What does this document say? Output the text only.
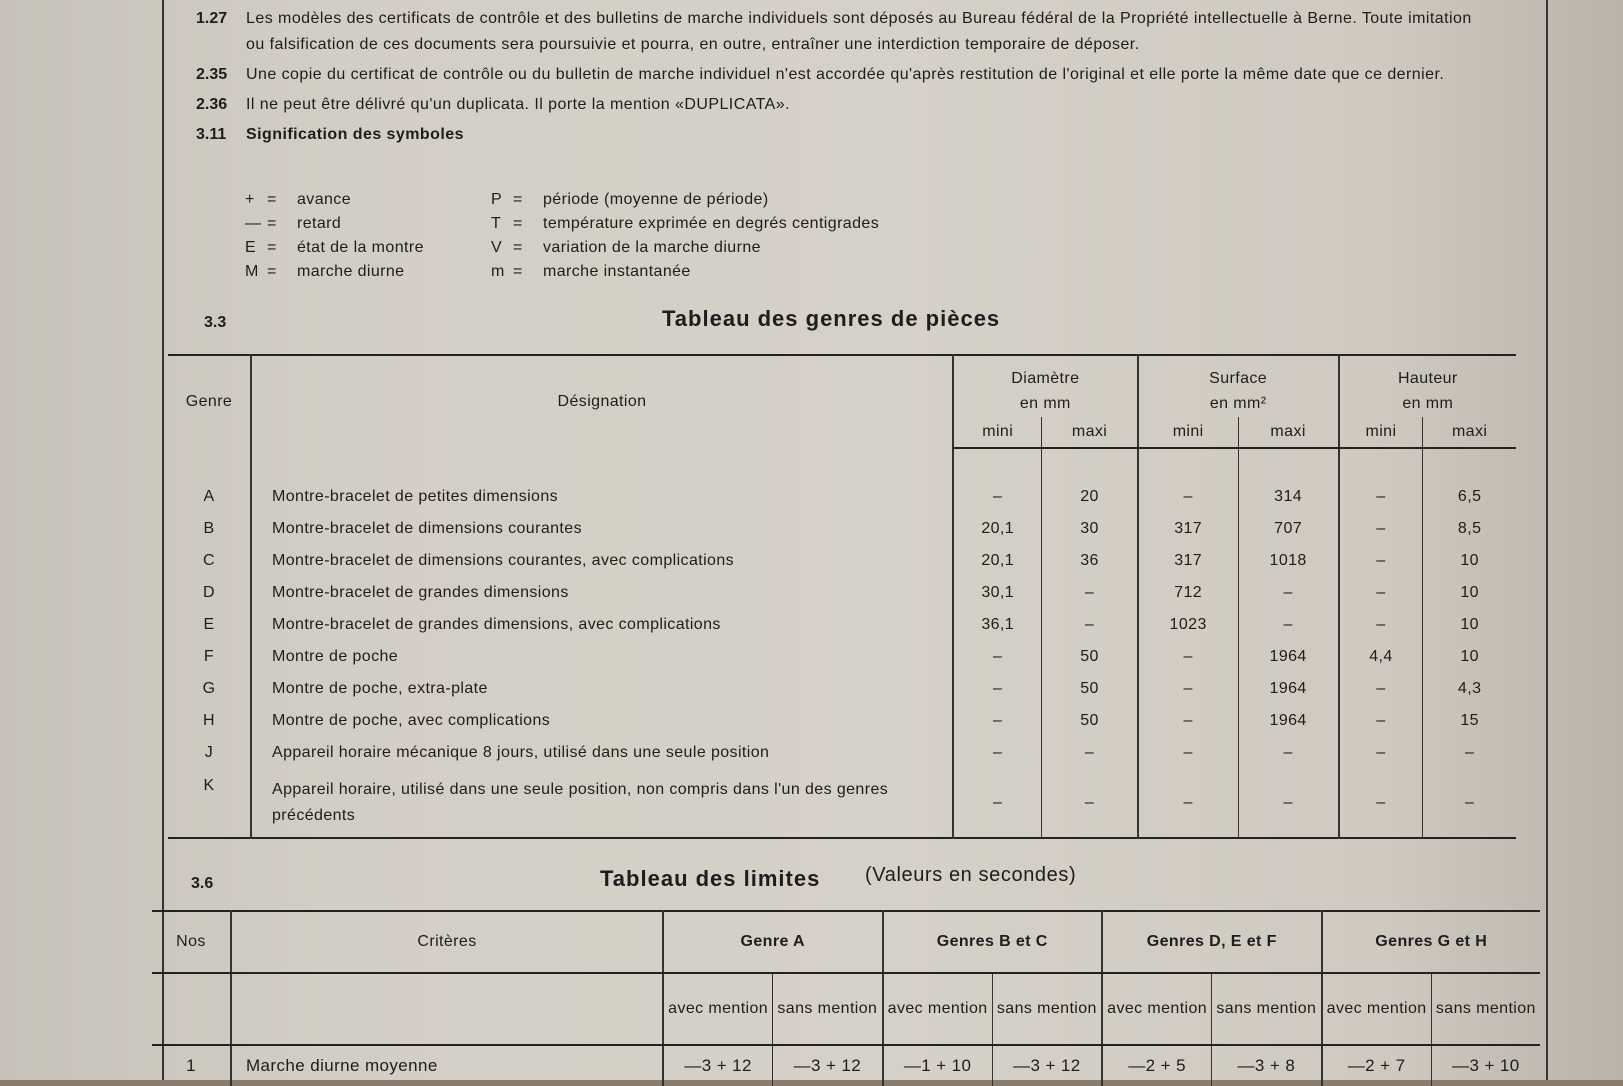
1.27	Les modèles des certificats de contrôle et des bulletins de marche individuels sont déposés au Bureau fédéral de la Propriété intellectuelle à Berne. Toute imitation ou falsification de ces documents sera poursuivie et pourra, en outre, entraîner une interdiction temporaire de déposer.
2.35	Une copie du certificat de contrôle ou du bulletin de marche individuel n'est accordée qu'après restitution de l'original et elle porte la même date que ce dernier.
2.36	Il ne peut être délivré qu'un duplicata. Il porte la mention «DUPLICATA».
3.11	Signification des symboles
+ =	avance	P =	période (moyenne de période)
— =	retard	T =	température exprimée en degrés centigrades
E =	état de la montre	V =	variation de la marche diurne
M =	marche diurne	m =	marche instantanée
3.3	Tableau des genres de pièces
Genre	Désignation	Diamètre		Surface		Hauteur	
		en mm		en mm²		en mm	
		mini	maxi	mini	maxi	mini	maxi

A	Montre-bracelet de petites dimensions	–	20	–	314	–	6,5
B	Montre-bracelet de dimensions courantes	20,1	30	317	707	–	8,5
C	Montre-bracelet de dimensions courantes, avec complications	20,1	36	317	1018	–	10
D	Montre-bracelet de grandes dimensions	30,1	–	712	–	–	10
E	Montre-bracelet de grandes dimensions, avec complications	36,1	–	1023	–	–	10
F	Montre de poche	–	50	–	1964	4,4	10
G	Montre de poche, extra-plate	–	50	–	1964	–	4,3
H	Montre de poche, avec complications	–	50	–	1964	–	15
J	Appareil horaire mécanique 8 jours, utilisé dans une seule position	–	–	–	–	–	–
K	Appareil horaire, utilisé dans une seule position, non compris dans l'un des genres précédents	–	–	–	–	–	–
3.6	Tableau des limites (Valeurs en secondes)
Nos	Critères	Genre A		Genres B et C		Genres D, E et F		Genres G et H	
		avec mention	sans mention	avec mention	sans mention	avec mention	sans mention	avec mention	sans mention
1	Marche diurne moyenne	—3 + 12	—3 + 12	—1 + 10	—3 + 12	—2 + 5	—3 + 8	—2 + 7	—3 + 10
